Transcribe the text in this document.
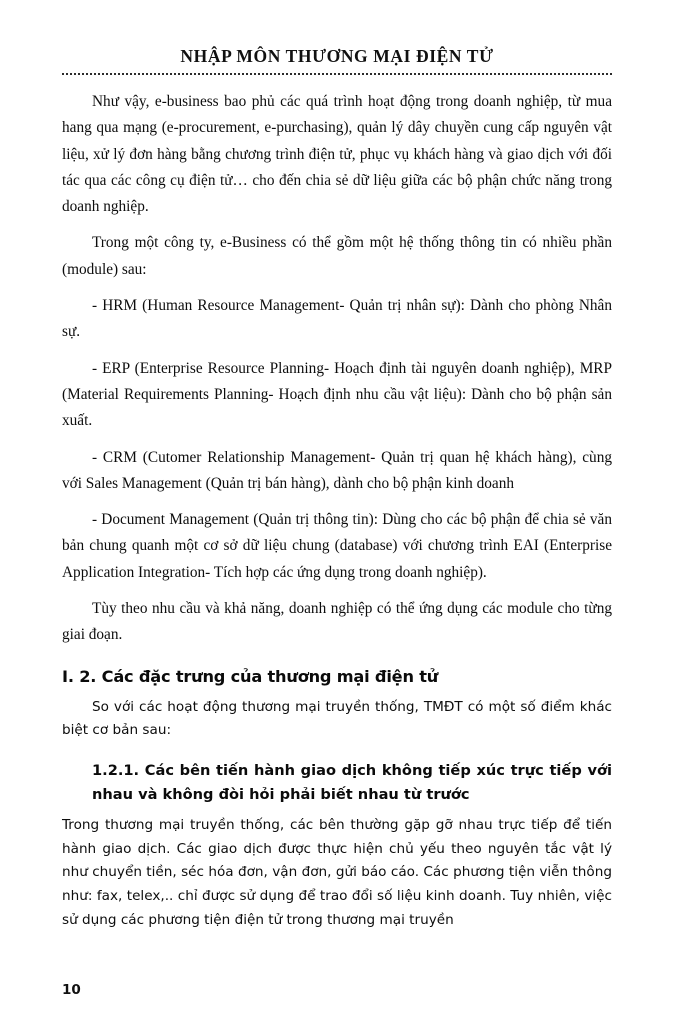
NHẬP MÔN THƯƠNG MẠI ĐIỆN TỬ

Như vậy, e-business bao phủ các quá trình hoạt động trong doanh nghiệp, từ mua hang qua mạng (e-procurement, e-purchasing), quản lý dây chuyền cung cấp nguyên vật liệu, xử lý đơn hàng bằng chương trình điện tử, phục vụ khách hàng và giao dịch với đối tác qua các công cụ điện tử… cho đến chia sẻ dữ liệu giữa các bộ phận chức năng trong doanh nghiệp.

Trong một công ty, e-Business có thể gồm một hệ thống thông tin có nhiều phần (module) sau:

- HRM (Human Resource Management- Quản trị nhân sự): Dành cho phòng Nhân sự.

- ERP (Enterprise Resource Planning- Hoạch định tài nguyên doanh nghiệp), MRP (Material Requirements Planning- Hoạch định nhu cầu vật liệu): Dành cho bộ phận sản xuất.

- CRM (Cutomer Relationship Management- Quản trị quan hệ khách hàng), cùng với Sales Management (Quản trị bán hàng), dành cho bộ phận kinh doanh

- Document Management (Quản trị thông tin): Dùng cho các bộ phận để chia sẻ văn bản chung quanh một cơ sở dữ liệu chung (database) với chương trình EAI (Enterprise Application Integration- Tích hợp các ứng dụng trong doanh nghiệp).

Tùy theo nhu cầu và khả năng, doanh nghiệp có thể ứng dụng các module cho từng giai đoạn.

I. 2. Các đặc trưng của thương mại điện tử

So với các hoạt động thương mại truyền thống, TMĐT có một số điểm khác biệt cơ bản sau:

1.2.1. Các bên tiến hành giao dịch không tiếp xúc trực tiếp với nhau và không đòi hỏi phải biết nhau từ trước

Trong thương mại truyền thống, các bên thường gặp gỡ nhau trực tiếp để tiến hành giao dịch. Các giao dịch được thực hiện chủ yếu theo nguyên tắc vật lý như chuyển tiền, séc hóa đơn, vận đơn, gửi báo cáo. Các phương tiện viễn thông như: fax, telex,.. chỉ được sử dụng để trao đổi số liệu kinh doanh. Tuy nhiên, việc sử dụng các phương tiện điện tử trong thương mại truyền

10
